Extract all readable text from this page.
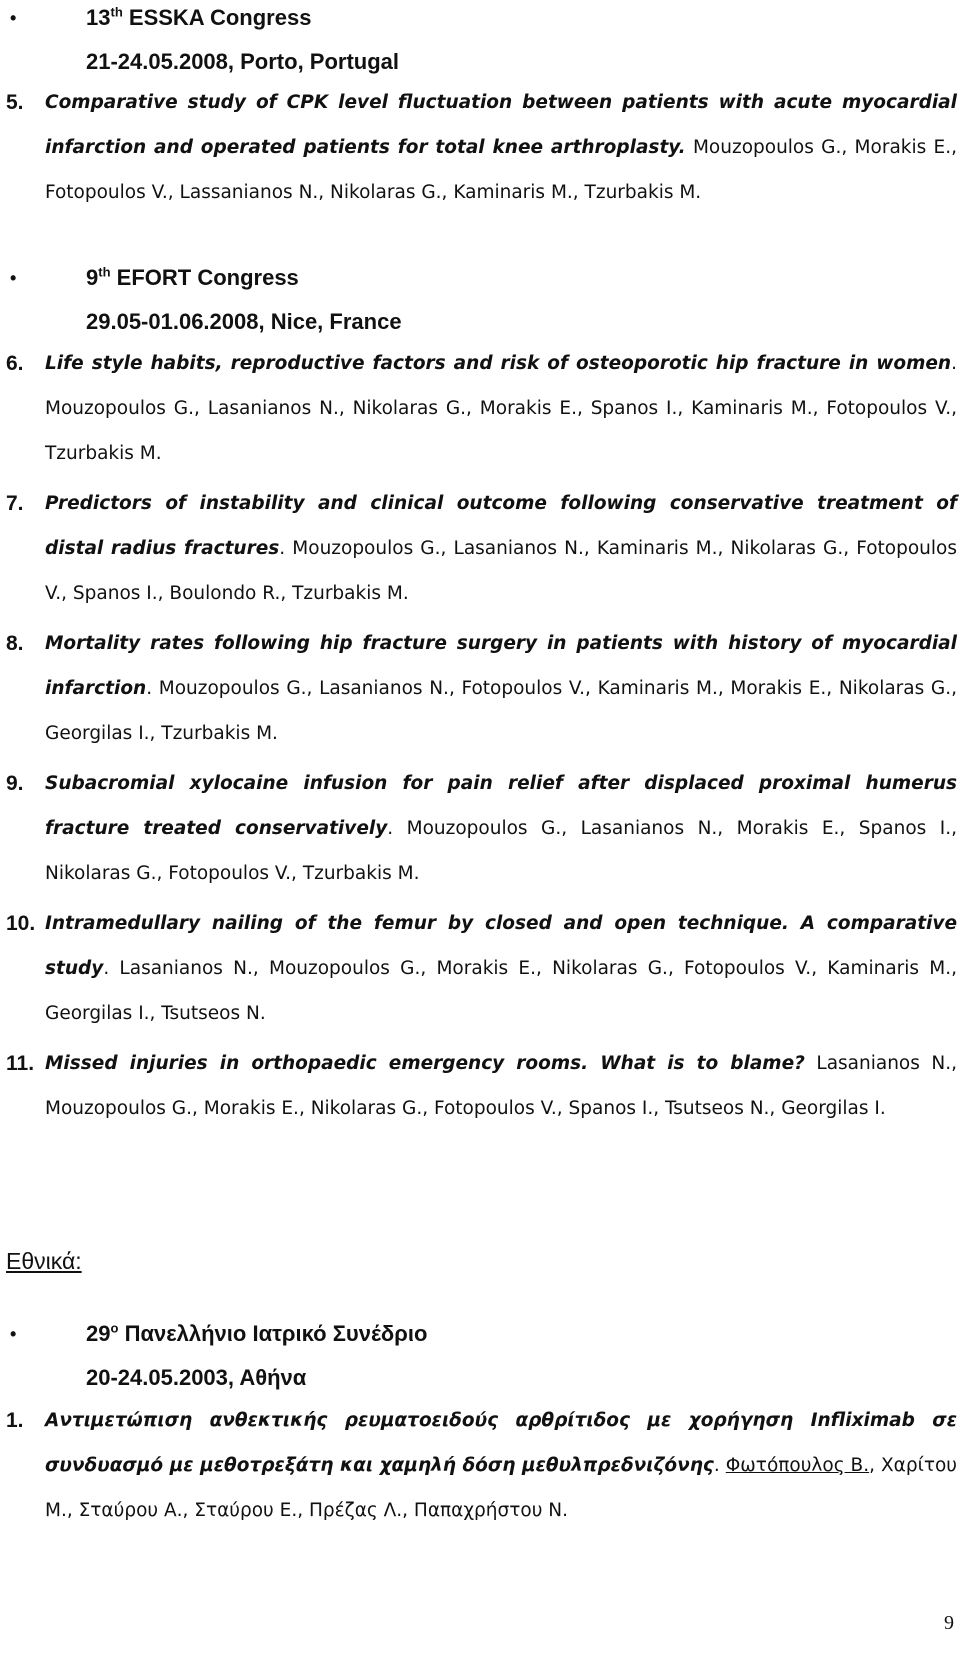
•	13th ESSKA Congress
21-24.05.2008, Porto, Portugal
5. Comparative study of CPK level fluctuation between patients with acute myocardial infarction and operated patients for total knee arthroplasty. Mouzopoulos G., Morakis E., Fotopoulos V., Lassanianos N., Nikolaras G., Kaminaris M., Tzurbakis M.
•	9th EFORT Congress
29.05-01.06.2008, Nice, France
6. Life style habits, reproductive factors and risk of osteoporotic hip fracture in women. Mouzopoulos G., Lasanianos N., Nikolaras G., Morakis E., Spanos I., Kaminaris M., Fotopoulos V., Tzurbakis M.
7. Predictors of instability and clinical outcome following conservative treatment of distal radius fractures. Mouzopoulos G., Lasanianos N., Kaminaris M., Nikolaras G., Fotopoulos V., Spanos I., Boulondo R., Tzurbakis M.
8. Mortality rates following hip fracture surgery in patients with history of myocardial infarction. Mouzopoulos G., Lasanianos N., Fotopoulos V., Kaminaris M., Morakis E., Nikolaras G., Georgilas I., Tzurbakis M.
9. Subacromial xylocaine infusion for pain relief after displaced proximal humerus fracture treated conservatively. Mouzopoulos G., Lasanianos N., Morakis E., Spanos I., Nikolaras G., Fotopoulos V., Tzurbakis M.
10. Intramedullary nailing of the femur by closed and open technique. A comparative study. Lasanianos N., Mouzopoulos G., Morakis E., Nikolaras G., Fotopoulos V., Kaminaris M., Georgilas I., Tsutseos N.
11. Missed injuries in orthopaedic emergency rooms. What is to blame? Lasanianos N., Mouzopoulos G., Morakis E., Nikolaras G., Fotopoulos V., Spanos I., Tsutseos N., Georgilas I.
Εθνικά:
•	$29^o$ Πανελλήνιο Ιατρικό Συνέδριο
20-24.05.2003, Αθήνα
1. Αντιμετώπιση ανθεκτικής ρευματοειδούς αρθρίτιδος με χορήγηση Infliximab σε συνδυασμό με μεθοτρεξάτη και χαμηλή δόση μεθυλπρεδνιζόνης. Φωτόπουλος Β., Χαρίτου Μ., Σταύρου Α., Σταύρου Ε., Πρέζας Λ., Παπαχρήστου Ν.
9
